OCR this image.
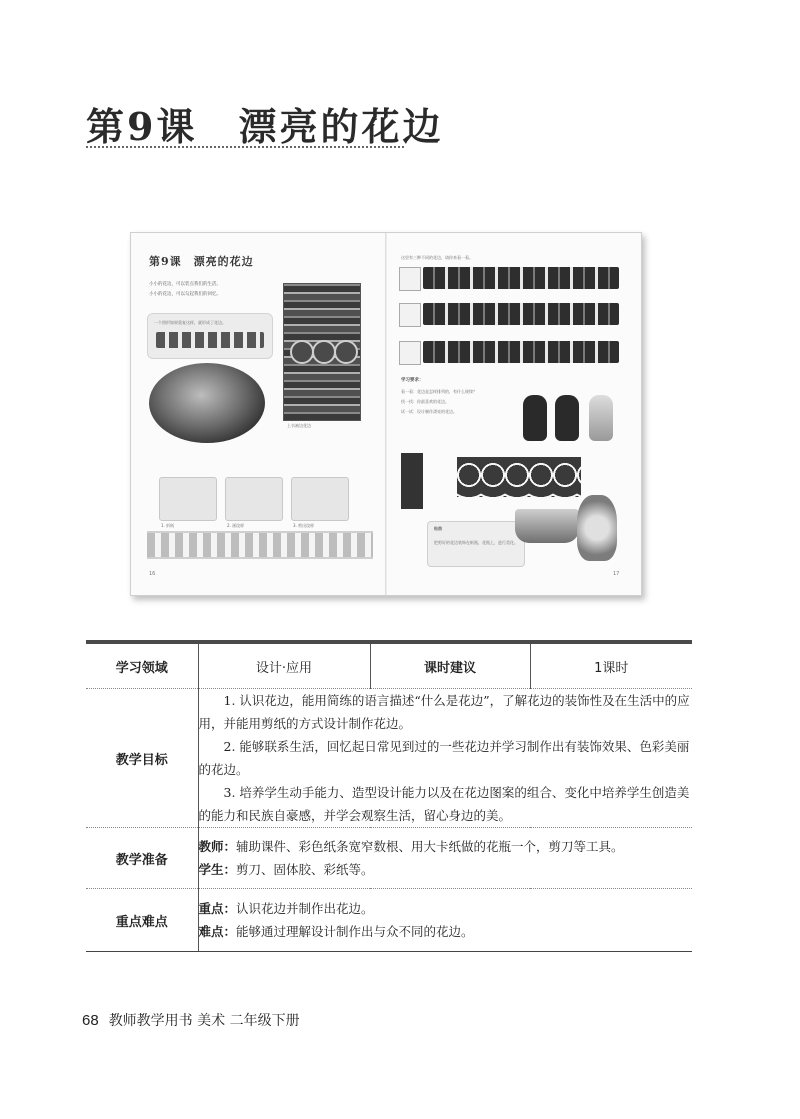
第9课　漂亮的花边
第9课　漂亮的花边
小小的花边，可以装点我们的生活。
小小的花边，可以勾起我们的回忆。
一个图形如果重复这样，就形成了花边。
上衣袖边花边
1. 折纸	2. 画纹样	3. 剪出纹样
16
这里有三种不同的花边，请你来看一看。
学习要求：
看一看：花边是怎样排列的，有什么规律？
找一找：你最喜欢的花边。
试一试：设计制作漂亮的花边。
贴图
把剪好的花边装饰在纸瓶、花瓶上，进行美化。
17
学习领域	设计·应用	课时建议	1课时
教学目标	1. 认识花边，能用简练的语言描述“什么是花边”，了解花边的装饰性及在生活中的应用，并能用剪纸的方式设计制作花边。

2. 能够联系生活，回忆起日常见到过的一些花边并学习制作出有装饰效果、色彩美丽的花边。

3. 培养学生动手能力、造型设计能力以及在花边图案的组合、变化中培养学生创造美的能力和民族自豪感，并学会观察生活，留心身边的美。		

教学准备	教师：辅助课件、彩色纸条宽窄数根、用大卡纸做的花瓶一个，剪刀等工具。

学生：剪刀、固体胶、彩纸等。		

重点难点	重点：认识花边并制作出花边。

难点：能够通过理解设计制作出与众不同的花边。		

68 教师教学用书 美术 二年级下册
